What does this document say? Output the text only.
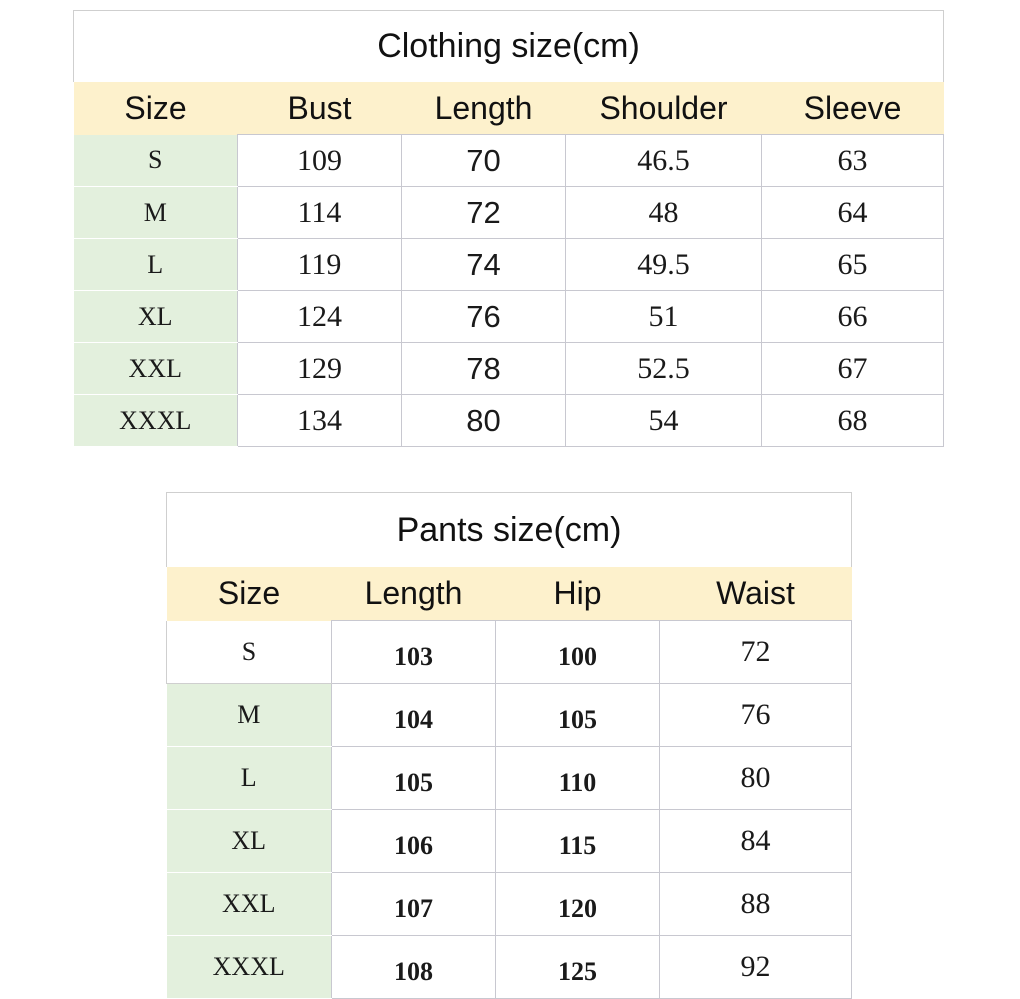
Clothing size(cm)				
Size	Bust	Length	Shoulder	Sleeve
S	109	70	46.5	63
M	114	72	48	64
L	119	74	49.5	65
XL	124	76	51	66
XXL	129	78	52.5	67
XXXL	134	80	54	68
Pants size(cm)			
Size	Length	Hip	Waist
S	103	100	72
M	104	105	76
L	105	110	80
XL	106	115	84
XXL	107	120	88
XXXL	108	125	92
